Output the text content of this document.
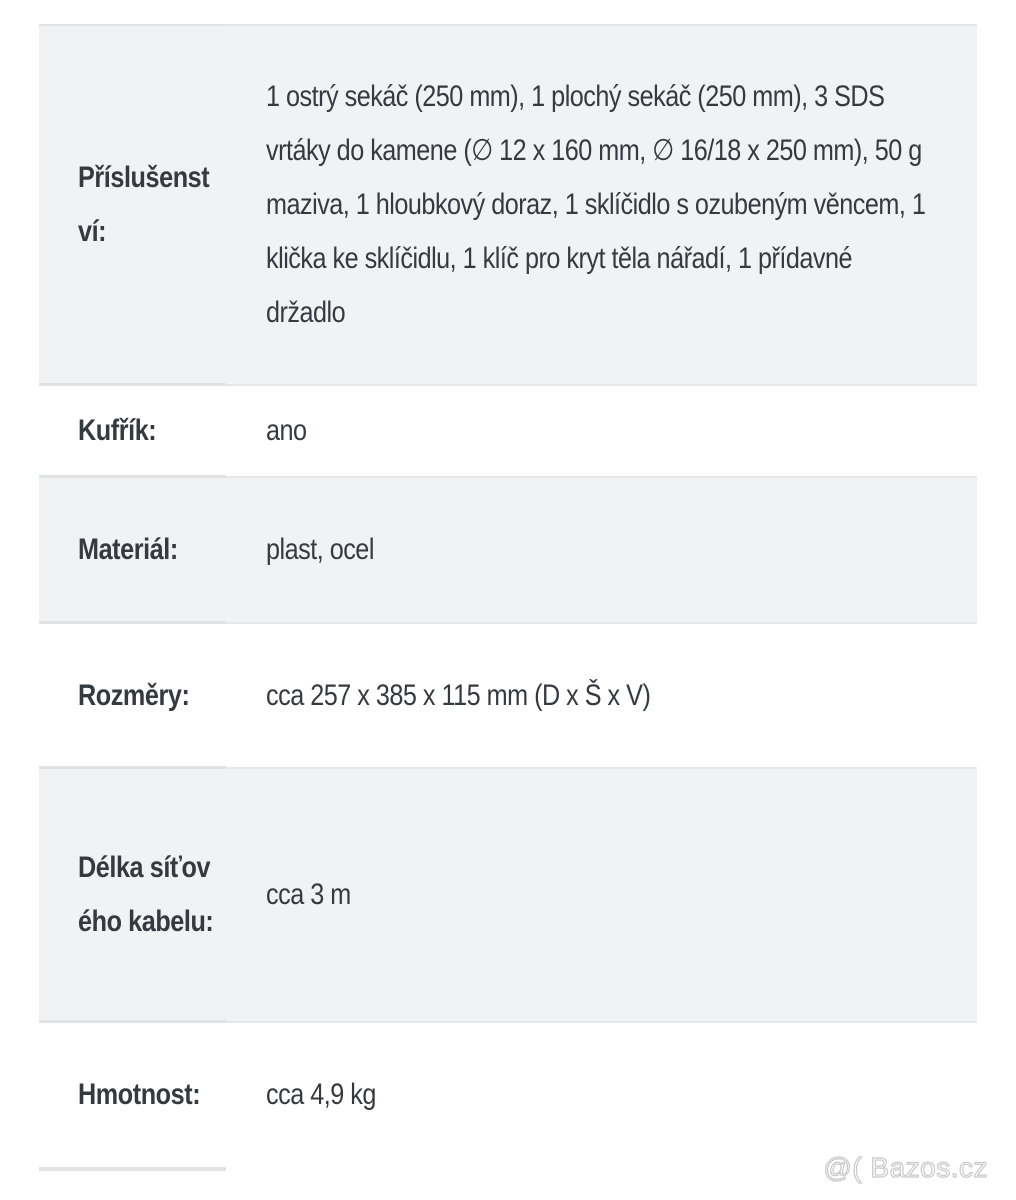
Příslušenství:
1 ostrý sekáč (250 mm), 1 plochý sekáč (250 mm), 3 SDS vrtáky do kamene (∅ 12 x 160 mm, ∅ 16/18 x 250 mm), 50 g maziva, 1 hloubkový doraz, 1 sklíčidlo s ozubeným věncem, 1 klička ke sklíčidlu, 1 klíč pro kryt těla nářadí, 1 přídavné držadlo
Kufřík:	ano
Materiál:	plast, ocel
Rozměry:	cca 257 x 385 x 115 mm (D x Š x V)
Délka síťového kabelu:
cca 3 m
Hmotnost:	cca 4,9 kg
@( Bazos.cz
